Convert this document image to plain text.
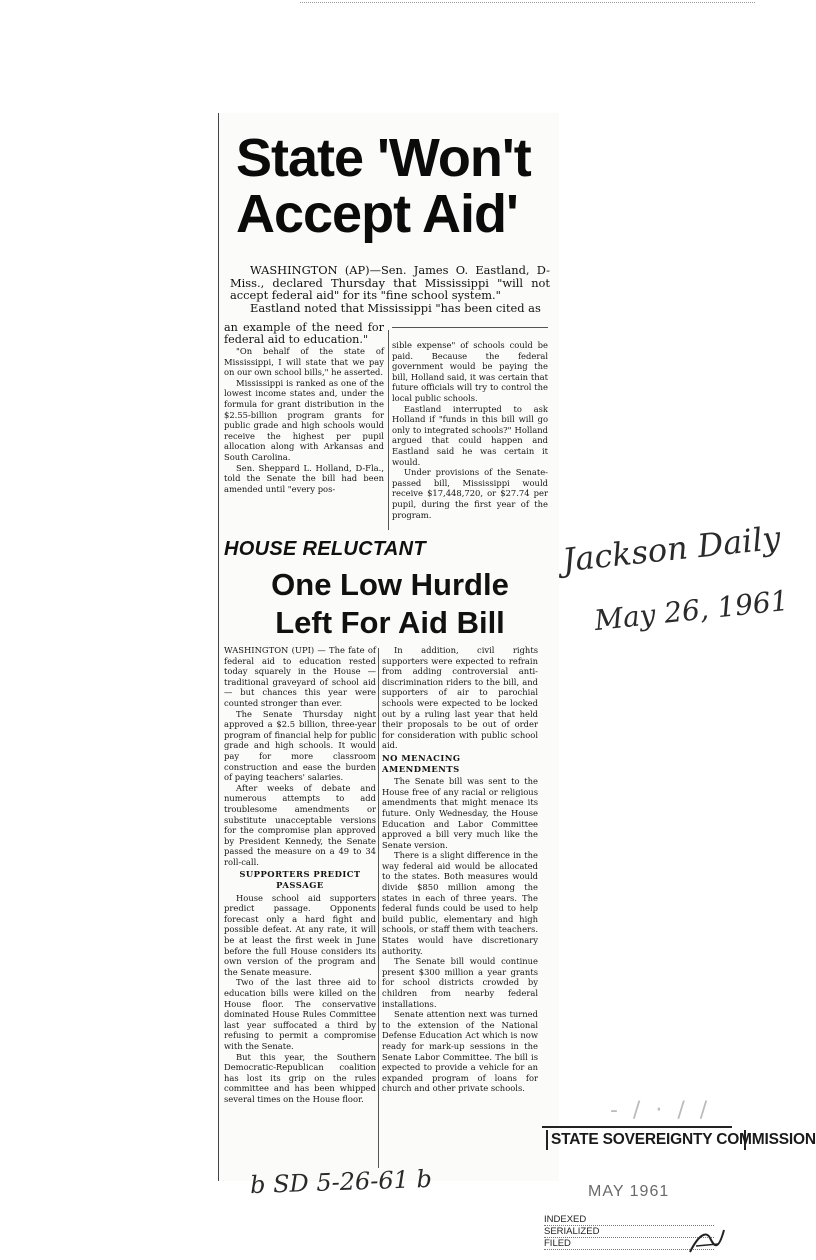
State 'Won't
Accept Aid'
WASHINGTON (AP)—Sen. James O. Eastland, D-Miss., declared Thursday that Mississippi "will not accept federal aid" for its "fine school system."
Eastland noted that Mississippi "has been cited as

an example of the need for federal aid to education."

"On behalf of the state of Mississippi, I will state that we pay on our own school bills," he asserted.

Mississippi is ranked as one of the lowest income states and, under the formula for grant distribution in the $2.55-billion program grants for public grade and high schools would receive the highest per pupil allocation along with Arkansas and South Carolina.

Sen. Sheppard L. Holland, D-Fla., told the Senate the bill had been amended until "every pos-

sible expense" of schools could be paid. Because the federal government would be paying the bill, Holland said, it was certain that future officials will try to control the local public schools.

Eastland interrupted to ask Holland if "funds in this bill will go only to integrated schools?" Holland argued that could happen and Eastland said he was certain it would.

Under provisions of the Senate-passed bill, Mississippi would receive $17,448,720, or $27.74 per pupil, during the first year of the program.

HOUSE RELUCTANT
One Low Hurdle
Left For Aid Bill

WASHINGTON (UPI) — The fate of federal aid to education rested today squarely in the House — traditional graveyard of school aid — but chances this year were counted stronger than ever.

The Senate Thursday night approved a $2.5 billion, three-year program of financial help for public grade and high schools. It would pay for more classroom construction and ease the burden of paying teachers' salaries.

After weeks of debate and numerous attempts to add troublesome amendments or substitute unacceptable versions for the compromise plan approved by President Kennedy, the Senate passed the measure on a 49 to 34 roll-call.

SUPPORTERS PREDICT PASSAGE

House school aid supporters predict passage. Opponents forecast only a hard fight and possible defeat. At any rate, it will be at least the first week in June before the full House considers its own version of the program and the Senate measure.

Two of the last three aid to education bills were killed on the House floor. The conservative dominated House Rules Committee last year suffocated a third by refusing to permit a compromise with the Senate.

But this year, the Southern Democratic-Republican coalition has lost its grip on the rules committee and has been whipped several times on the House floor.

In addition, civil rights supporters were expected to refrain from adding controversial anti-discrimination riders to the bill, and supporters of air to parochial schools were expected to be locked out by a ruling last year that held their proposals to be out of order for consideration with public school aid.

NO MENACING AMENDMENTS

The Senate bill was sent to the House free of any racial or religious amendments that might menace its future. Only Wednesday, the House Education and Labor Committee approved a bill very much like the Senate version.

There is a slight difference in the way federal aid would be allocated to the states. Both measures would divide $850 million among the states in each of three years. The federal funds could be used to help build public, elementary and high schools, or staff them with teachers. States would have discretionary authority.

The Senate bill would continue present $300 million a year grants for school districts crowded by children from nearby federal installations.

Senate attention next was turned to the extension of the National Defense Education Act which is now ready for mark-up sessions in the Senate Labor Committee. The bill is expected to provide a vehicle for an expanded program of loans for church and other private schools.

Jackson Daily
May 26, 1961
b SD 5-26-61 b
- / · / /
STATE SOVEREIGNTY COMMISSION
MAY 1961
INDEXED
SERIALIZED
FILED
